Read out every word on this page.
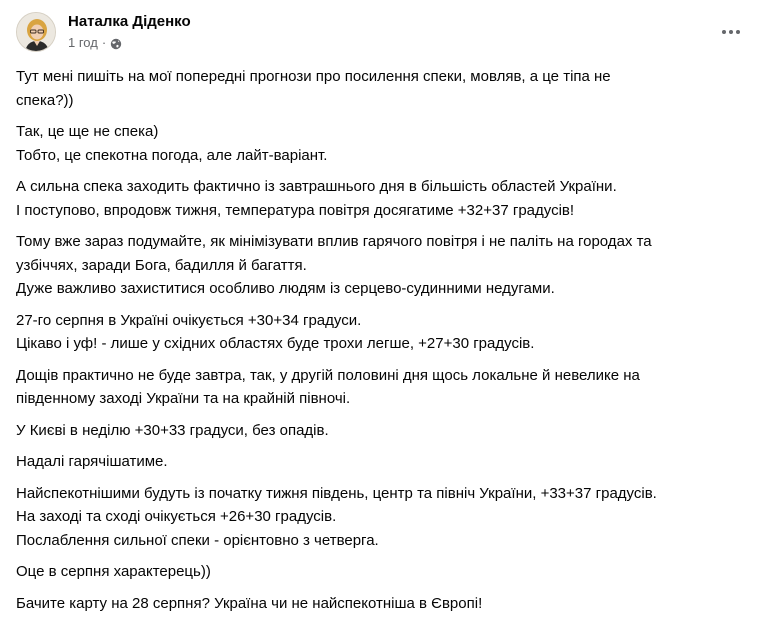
Наталка Діденко
1 год ·
Тут мені пишіть на мої попередні прогнози про посилення спеки, мовляв, а це тіпа не
спека?))
Так, це ще не спека)
Тобто, це спекотна погода, але лайт-варіант.
А сильна спека заходить фактично із завтрашнього дня в більшість областей України.
І поступово, впродовж тижня, температура повітря досягатиме +32+37 градусів!
Тому вже зараз подумайте, як мінімізувати вплив гарячого повітря і не паліть на городах та
узбіччях, заради Бога, бадилля й багаття.
Дуже важливо захиститися особливо людям із серцево-судинними недугами.
27-го серпня в Україні очікується +30+34 градуси.
Цікаво і уф! - лише у східних областях буде трохи легше, +27+30 градусів.
Дощів практично не буде завтра, так, у другій половині дня щось локальне й невелике на
південному заході України та на крайній півночі.
У Києві в неділю +30+33 градуси, без опадів.
Надалі гарячішатиме.
Найспекотнішими будуть із початку тижня південь, центр та північ України, +33+37 градусів.
На заході та сході очікується +26+30 градусів.
Послаблення сильної спеки - орієнтовно з четверга.
Оце в серпня характерець))
Бачите карту на 28 серпня? Україна чи не найспекотніша в Європі!
